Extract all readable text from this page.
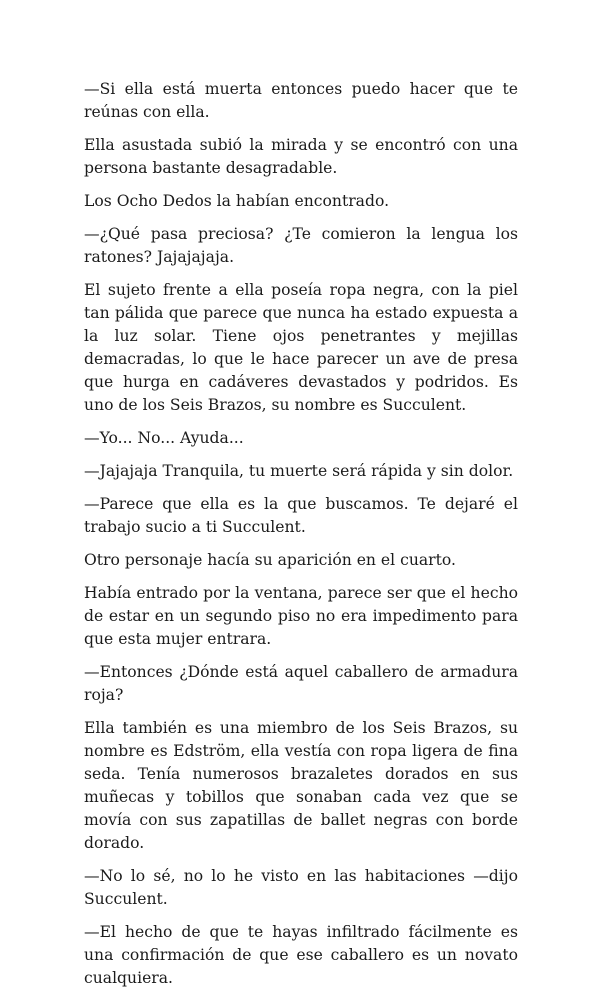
—Si ella está muerta entonces puedo hacer que te reúnas con ella.

Ella asustada subió la mirada y se encontró con una persona bastante desagradable.

Los Ocho Dedos la habían encontrado.

—¿Qué pasa preciosa? ¿Te comieron la lengua los ratones? Jajajajaja.

El sujeto frente a ella poseía ropa negra, con la piel tan pálida que parece que nunca ha estado expuesta a la luz solar. Tiene ojos penetrantes y mejillas demacradas, lo que le hace parecer un ave de presa que hurga en cadáveres devastados y podridos. Es uno de los Seis Brazos, su nombre es Succulent.

—Yo... No... Ayuda...

—Jajajaja Tranquila, tu muerte será rápida y sin dolor.

—Parece que ella es la que buscamos. Te dejaré el trabajo sucio a ti Succulent.

Otro personaje hacía su aparición en el cuarto.

Había entrado por la ventana, parece ser que el hecho de estar en un segundo piso no era impedimento para que esta mujer entrara.

—Entonces ¿Dónde está aquel caballero de armadura roja?

Ella también es una miembro de los Seis Brazos, su nombre es Edström, ella vestía con ropa ligera de fina seda. Tenía numerosos brazaletes dorados en sus muñecas y tobillos que sonaban cada vez que se movía con sus zapatillas de ballet negras con borde dorado.

—No lo sé, no lo he visto en las habitaciones —dijo Succulent.

—El hecho de que te hayas infiltrado fácilmente es una confirmación de que ese caballero es un novato cualquiera.
